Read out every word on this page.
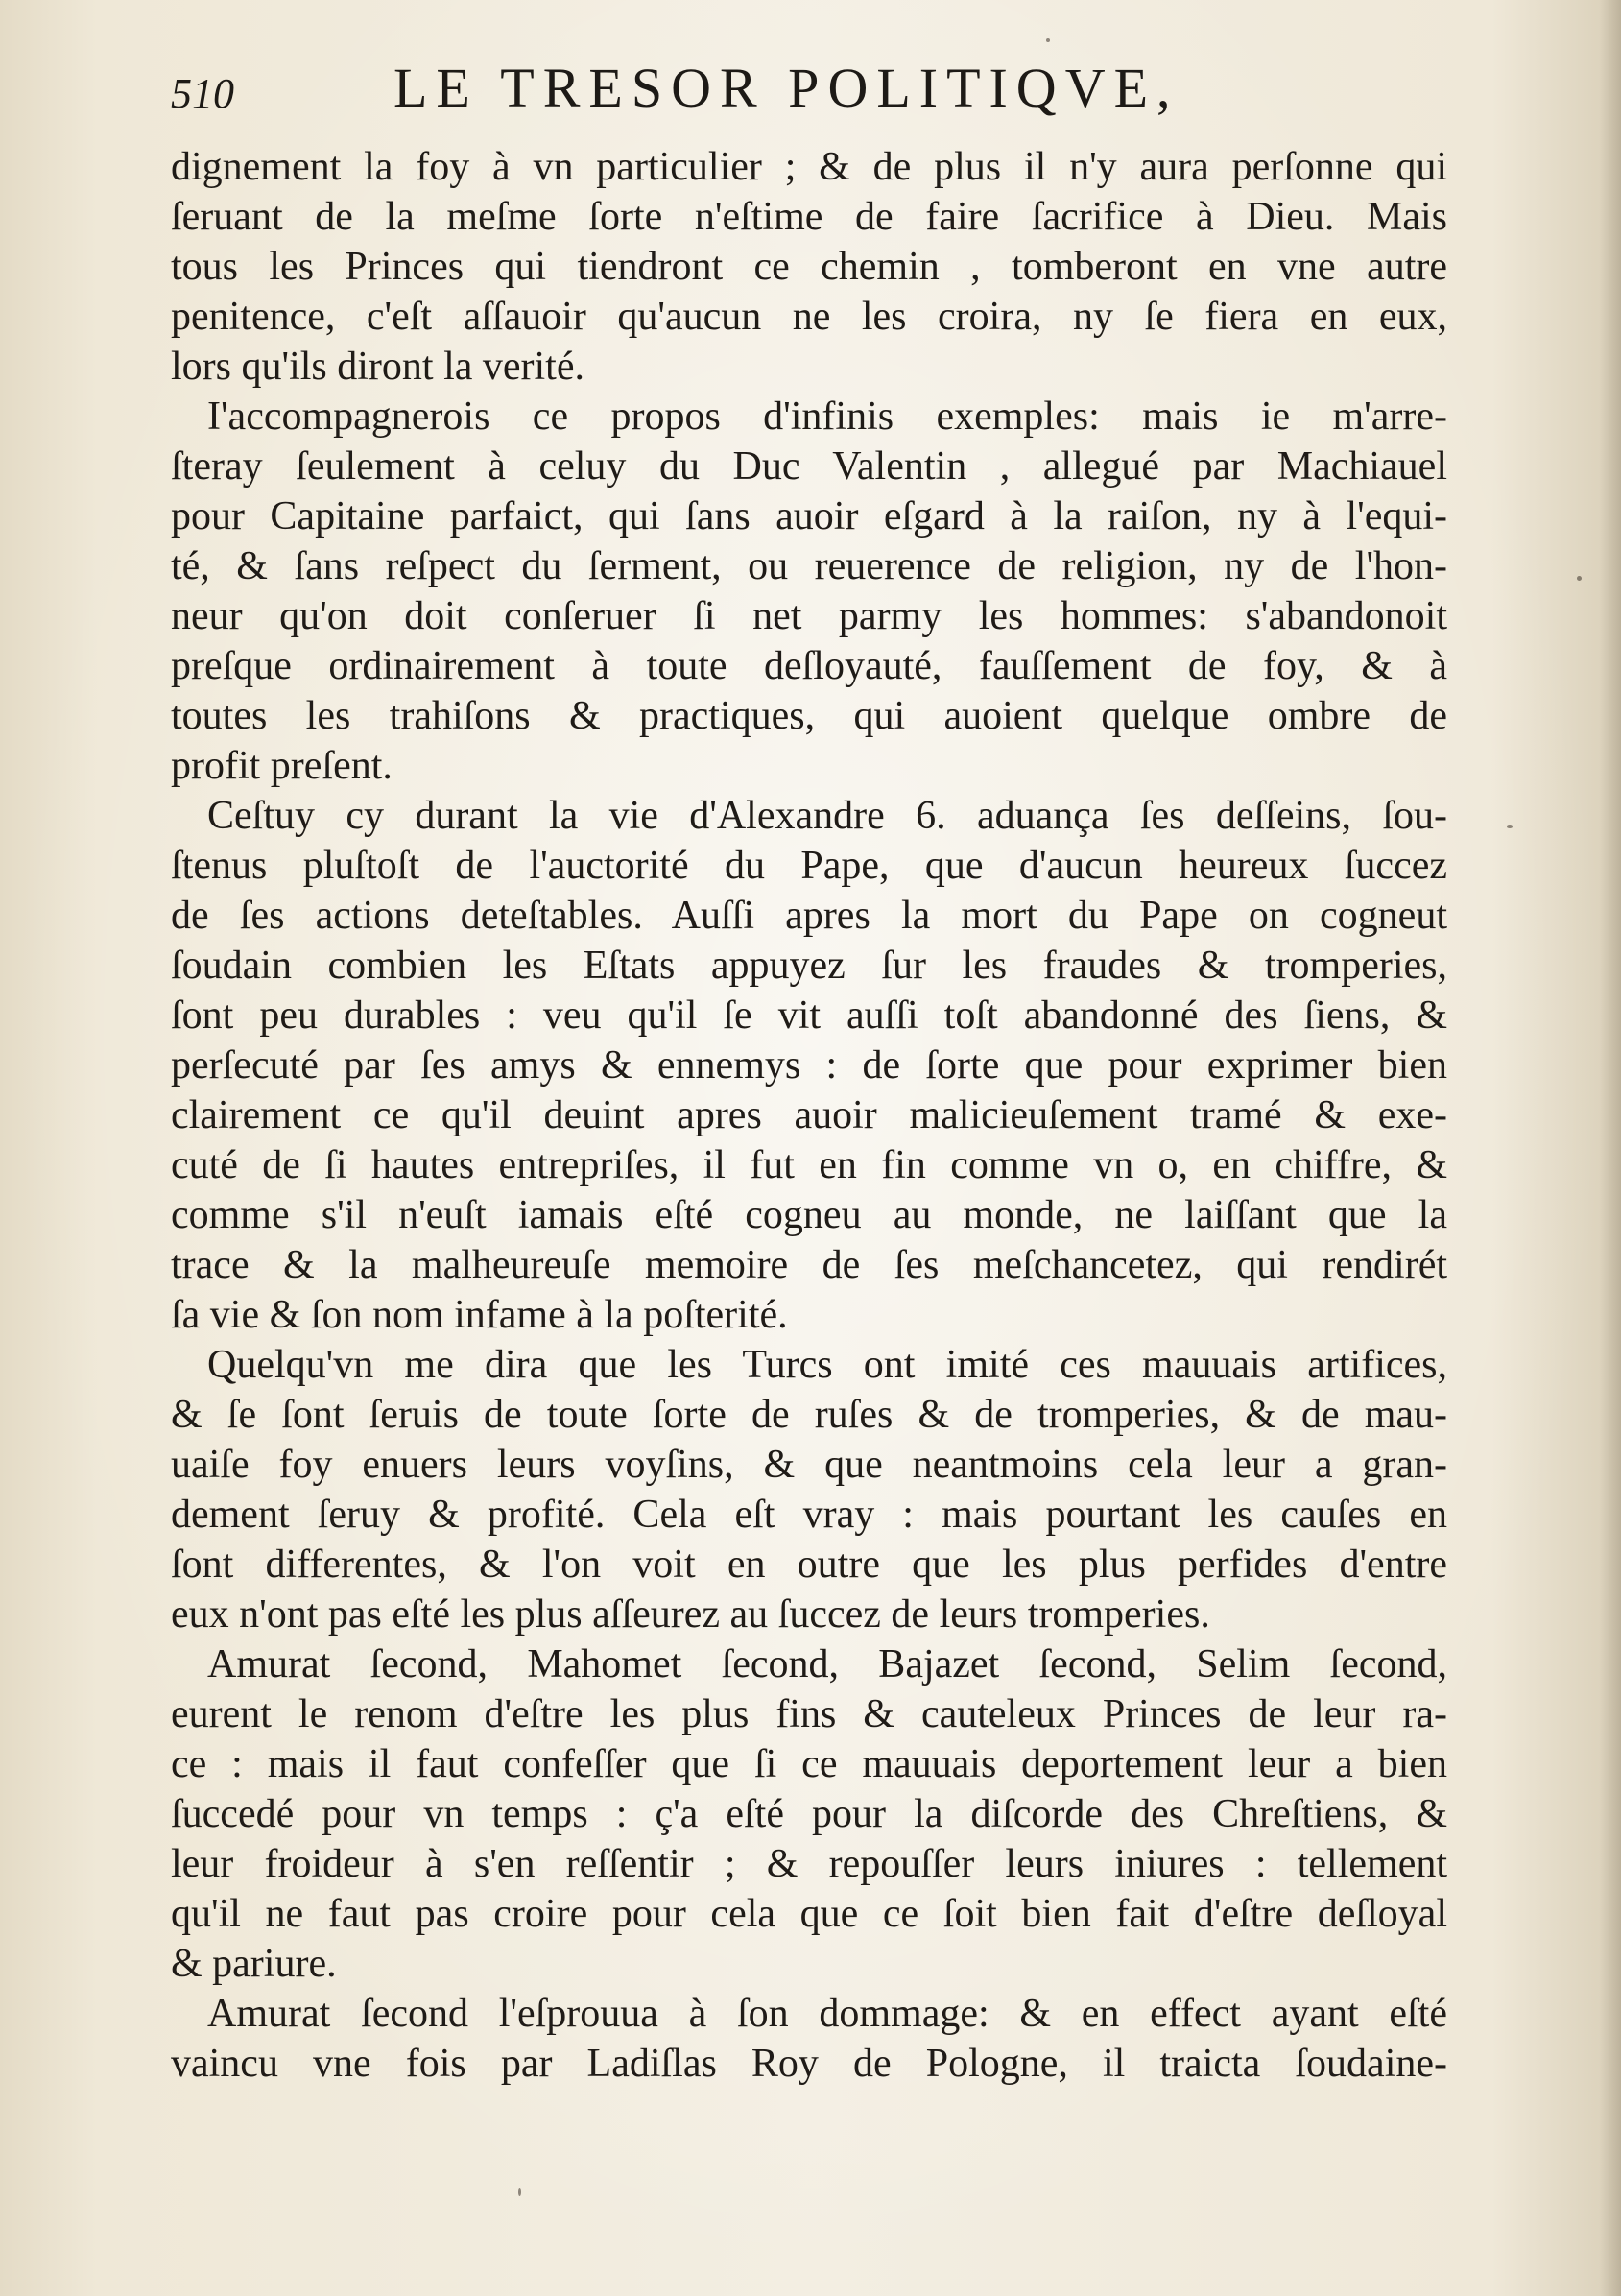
510	LE TRESOR POLITIQVE,
dignement la foy à vn particulier ; & de plus il n'y aura perſonne qui
ſeruant de la meſme ſorte n'eſtime de faire ſacrifice à Dieu. Mais
tous les Princes qui tiendront ce chemin , tomberont en vne autre
penitence, c'eſt aſſauoir qu'aucun ne les croira, ny ſe fiera en eux,
lors qu'ils diront la verité.
I'accompagnerois ce propos d'infinis exemples: mais ie m'arre-
ſteray ſeulement à celuy du Duc Valentin , allegué par Machiauel
pour Capitaine parfaict, qui ſans auoir eſgard à la raiſon, ny à l'equi-
té, & ſans reſpect du ſerment, ou reuerence de religion, ny de l'hon-
neur qu'on doit conſeruer ſi net parmy les hommes: s'abandonoit
preſque ordinairement à toute deſloyauté, fauſſement de foy, & à
toutes les trahiſons & practiques, qui auoient quelque ombre de
profit preſent.
Ceſtuy cy durant la vie d'Alexandre 6. aduança ſes deſſeins, ſou-
ſtenus pluſtoſt de l'auctorité du Pape, que d'aucun heureux ſuccez
de ſes actions deteſtables. Auſſi apres la mort du Pape on cogneut
ſoudain combien les Eſtats appuyez ſur les fraudes & tromperies,
ſont peu durables : veu qu'il ſe vit auſſi toſt abandonné des ſiens, &
perſecuté par ſes amys & ennemys : de ſorte que pour exprimer bien
clairement ce qu'il deuint apres auoir malicieuſement tramé & exe-
cuté de ſi hautes entrepriſes, il fut en fin comme vn o, en chiffre, &
comme s'il n'euſt iamais eſté cogneu au monde, ne laiſſant que la
trace & la malheureuſe memoire de ſes meſchancetez, qui rendirét
ſa vie & ſon nom infame à la poſterité.
Quelqu'vn me dira que les Turcs ont imité ces mauuais artifices,
& ſe ſont ſeruis de toute ſorte de ruſes & de tromperies, & de mau-
uaiſe foy enuers leurs voyſins, & que neantmoins cela leur a gran-
dement ſeruy & profité. Cela eſt vray : mais pourtant les cauſes en
ſont differentes, & l'on voit en outre que les plus perfides d'entre
eux n'ont pas eſté les plus aſſeurez au ſuccez de leurs tromperies.
Amurat ſecond, Mahomet ſecond, Bajazet ſecond, Selim ſecond,
eurent le renom d'eſtre les plus fins & cauteleux Princes de leur ra-
ce : mais il faut confeſſer que ſi ce mauuais deportement leur a bien
ſuccedé pour vn temps : ç'a eſté pour la diſcorde des Chreſtiens, &
leur froideur à s'en reſſentir ; & repouſſer leurs iniures : tellement
qu'il ne faut pas croire pour cela que ce ſoit bien fait d'eſtre deſloyal
& pariure.
Amurat ſecond l'eſprouua à ſon dommage: & en effect ayant eſté
vaincu vne fois par Ladiſlas Roy de Pologne, il traicta ſoudaine-
